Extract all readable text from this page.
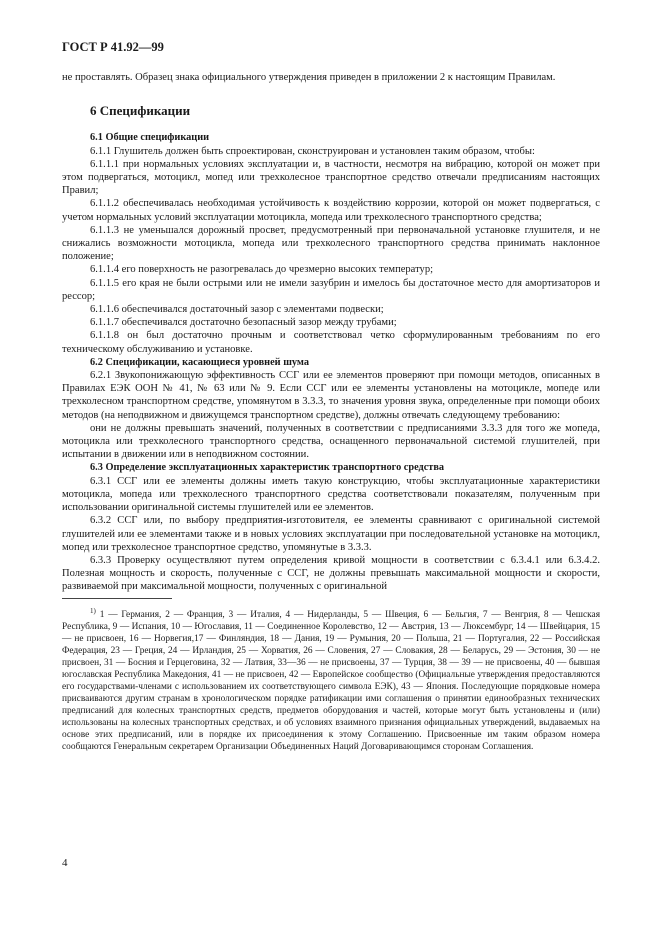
ГОСТ Р 41.92—99

не проставлять. Образец знака официального утверждения приведен в приложении 2 к настоящим Правилам.

6 Спецификации

6.1 Общие спецификации

6.1.1 Глушитель должен быть спроектирован, сконструирован и установлен таким образом, чтобы:

6.1.1.1 при нормальных условиях эксплуатации и, в частности, несмотря на вибрацию, которой он может при этом подвергаться, мотоцикл, мопед или трехколесное транспортное средство отвечали предписаниям настоящих Правил;

6.1.1.2 обеспечивалась необходимая устойчивость к воздействию коррозии, которой он может подвергаться, с учетом нормальных условий эксплуатации мотоцикла, мопеда или трехколесного транспортного средства;

6.1.1.3 не уменьшался дорожный просвет, предусмотренный при первоначальной установке глушителя, и не снижались возможности мотоцикла, мопеда или трехколесного транспортного средства принимать наклонное положение;

6.1.1.4 его поверхность не разогревалась до чрезмерно высоких температур;

6.1.1.5 его края не были острыми или не имели зазубрин и имелось бы достаточное место для амортизаторов и рессор;

6.1.1.6 обеспечивался достаточный зазор с элементами подвески;

6.1.1.7 обеспечивался достаточно безопасный зазор между трубами;

6.1.1.8 он был достаточно прочным и соответствовал четко сформулированным требованиям по его техническому обслуживанию и установке.

6.2 Спецификации, касающиеся уровней шума

6.2.1 Звукопонижающую эффективность ССГ или ее элементов проверяют при помощи методов, описанных в Правилах ЕЭК ООН № 41, № 63 или № 9. Если ССГ или ее элементы установлены на мотоцикле, мопеде или трехколесном транспортном средстве, упомянутом в 3.3.3, то значения уровня звука, определенные при помощи обоих методов (на неподвижном и движущемся транспортном средстве), должны отвечать следующему требованию:

они не должны превышать значений, полученных в соответствии с предписаниями 3.3.3 для того же мопеда, мотоцикла или трехколесного транспортного средства, оснащенного первоначальной системой глушителей, при испытании в движении или в неподвижном состоянии.

6.3 Определение эксплуатационных характеристик транспортного средства

6.3.1 ССГ или ее элементы должны иметь такую конструкцию, чтобы эксплуатационные характеристики мотоцикла, мопеда или трехколесного транспортного средства соответствовали показателям, полученным при использовании оригинальной системы глушителей или ее элементов.

6.3.2 ССГ или, по выбору предприятия-изготовителя, ее элементы сравнивают с оригинальной системой глушителей или ее элементами также и в новых условиях эксплуатации при последовательной установке на мотоцикл, мопед или трехколесное транспортное средство, упомянутые в 3.3.3.

6.3.3 Проверку осуществляют путем определения кривой мощности в соответствии с 6.3.4.1 или 6.3.4.2. Полезная мощность и скорость, полученные с ССГ, не должны превышать максимальной мощности и скорости, развиваемой при максимальной мощности, полученных с оригинальной

$^{1)}$ 1 — Германия, 2 — Франция, 3 — Италия, 4 — Нидерланды, 5 — Швеция, 6 — Бельгия, 7 — Венгрия, 8 — Чешская Республика, 9 — Испания, 10 — Югославия, 11 — Соединенное Королевство, 12 — Австрия, 13 — Люксембург, 14 — Швейцария, 15 — не присвоен, 16 — Норвегия,17 — Финляндия, 18 — Дания, 19 — Румыния, 20 — Польша, 21 — Португалия, 22 — Российская Федерация, 23 — Греция, 24 — Ирландия, 25 — Хорватия, 26 — Словения, 27 — Словакия, 28 — Беларусь, 29 — Эстония, 30 — не присвоен, 31 — Босния и Герцеговина, 32 — Латвия, 33—36 — не присвоены, 37 — Турция, 38 — 39 — не присвоены, 40 — бывшая югославская Республика Македония, 41 — не присвоен, 42 — Европейское сообщество (Официальные утверждения предоставляются его государствами-членами с использованием их соответствующего символа ЕЭК), 43 — Япония. Последующие порядковые номера присваиваются другим странам в хронологическом порядке ратификации ими соглашения о принятии единообразных технических предписаний для колесных транспортных средств, предметов оборудования и частей, которые могут быть установлены и (или) использованы на колесных транспортных средствах, и об условиях взаимного признания официальных утверждений, выдаваемых на основе этих предписаний, или в порядке их присоединения к этому Соглашению. Присвоенные им таким образом номера сообщаются Генеральным секретарем Организации Объединенных Наций Договаривающимся сторонам Соглашения.

4
